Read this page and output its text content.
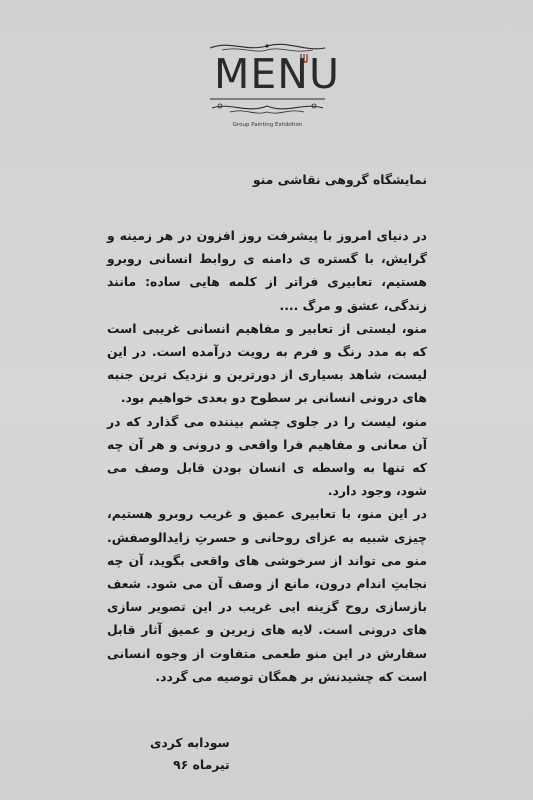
MENU
Group Painting Exhibition

نمایشگاه گروهی نقاشی منو

در دنیای امروز با پیشرفت روز افزون در هر زمینه و گرایش، با گستره ی دامنه ی روابط انسانی روبرو هستیم، تعابیری فراتر از کلمه هایی ساده: مانند زندگی، عشق و مرگ ....

منو، لیستی از تعابیر و مفاهیم انسانی غریبی است که به مدد رنگ و فرم به رویت درآمده است. در این لیست، شاهد بسیاری از دورترین و نزدیک ترین جنبه های درونی انسانی بر سطوح دو بعدی خواهیم بود.

منو، لیست را در جلوی چشم بیننده می گذارد که در آن معانی و مفاهیم فرا واقعی و درونی و هر آن چه که تنها به واسطه ی انسان بودن قابل وصف می شود، وجود دارد.

در این منو، با تعابیری عمیق و غریب روبرو هستیم، چیزی شبیه به عزای روحانی و حسرتِ زایدالوصفش. منو می تواند از سرخوشی های واقعی بگوید، آن چه نجابتِ اندام درون، مانع از وصف آن می شود. شعف بازسازی روح گزینه ایی غریب در این تصویر سازی های درونی است. لایه های زیرین و عمیق آثار قابل سفارش در این منو طعمی متفاوت از وجوه انسانی است که چشیدنش بر همگان توصیه می گردد.

سودابه کردی
تیرماه ۹۶
